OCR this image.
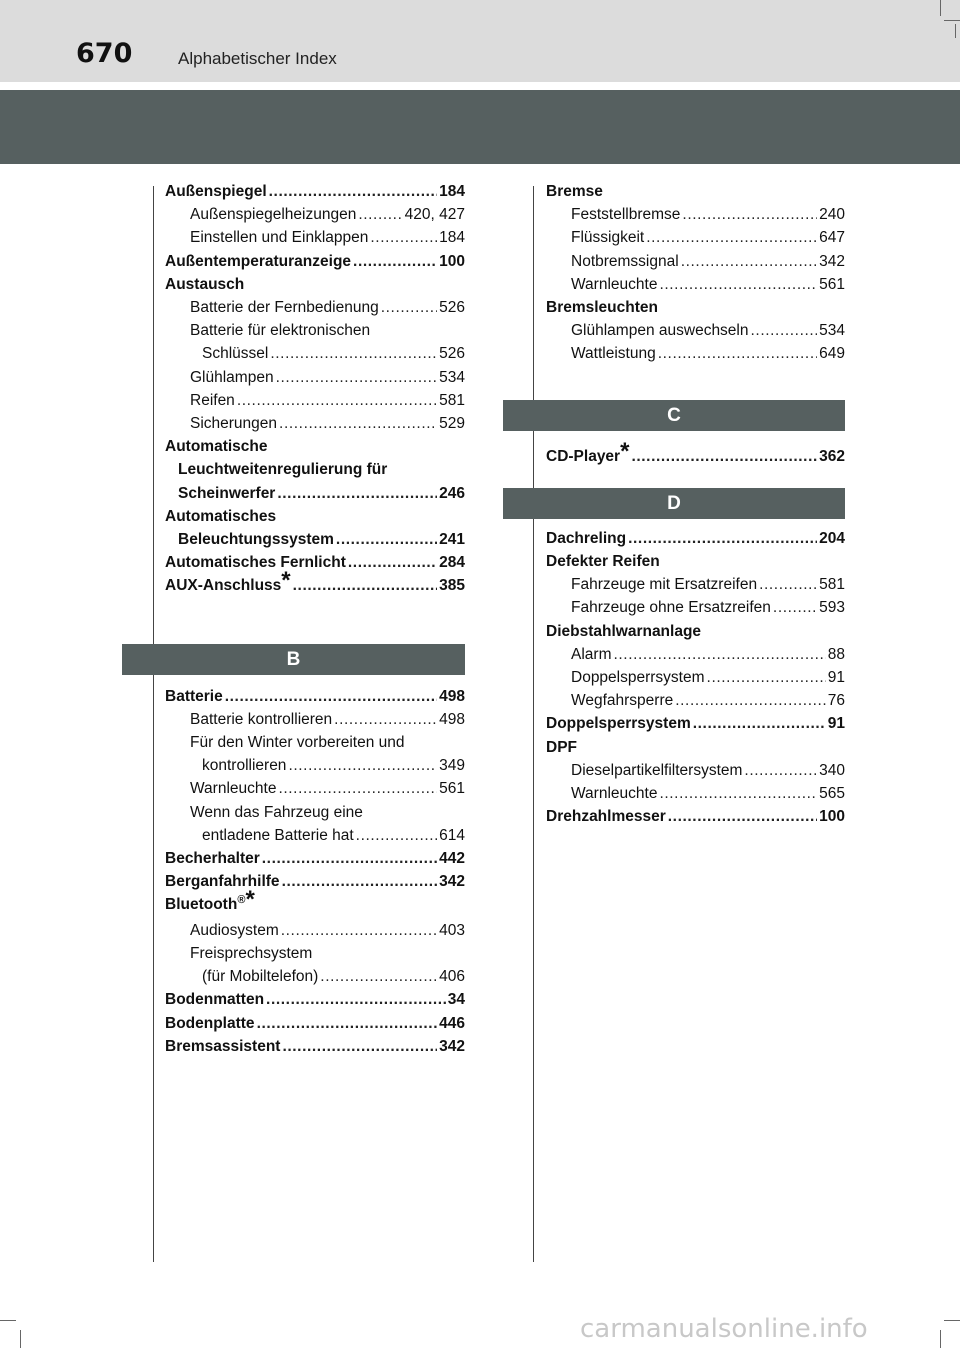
670	Alphabetischer Index
Außenspiegel .....	184
Außenspiegelheizungen .....	420, 427
Einstellen und Einklappen .....	184
Außentemperaturanzeige .....	100
Austausch
Batterie der Fernbedienung .....	526
Batterie für elektronischen
Schlüssel .....	526
Glühlampen .....	534
Reifen .....	581
Sicherungen .....	529
Automatische
Leuchtweitenregulierung für
Scheinwerfer .....	246
Automatisches
Beleuchtungssystem .....	241
Automatisches Fernlicht .....	284
AUX-Anschluss * .....	385
B
Batterie .....	498
Batterie kontrollieren .....	498
Für den Winter vorbereiten und
kontrollieren .....	349
Warnleuchte .....	561
Wenn das Fahrzeug eine
entladene Batterie hat .....	614
Becherhalter .....	442
Berganfahrhilfe .....	342
Bluetooth ® *
Audiosystem .....	403
Freisprechsystem
(für Mobiltelefon) .....	406
Bodenmatten .....	34
Bodenplatte .....	446
Bremsassistent .....	342
Bremse
Feststellbremse .....	240
Flüssigkeit .....	647
Notbremssignal .....	342
Warnleuchte .....	561
Bremsleuchten
Glühlampen auswechseln .....	534
Wattleistung .....	649
C
CD-Player * .....	362
D
Dachreling .....	204
Defekter Reifen
Fahrzeuge mit Ersatzreifen .....	581
Fahrzeuge ohne Ersatzreifen .....	593
Diebstahlwarnanlage
Alarm .....	88
Doppelsperrsystem .....	91
Wegfahrsperre .....	76
Doppelsperrsystem .....	91
DPF
Dieselpartikelfiltersystem .....	340
Warnleuchte .....	565
Drehzahlmesser .....	100
carmanualsonline.info
